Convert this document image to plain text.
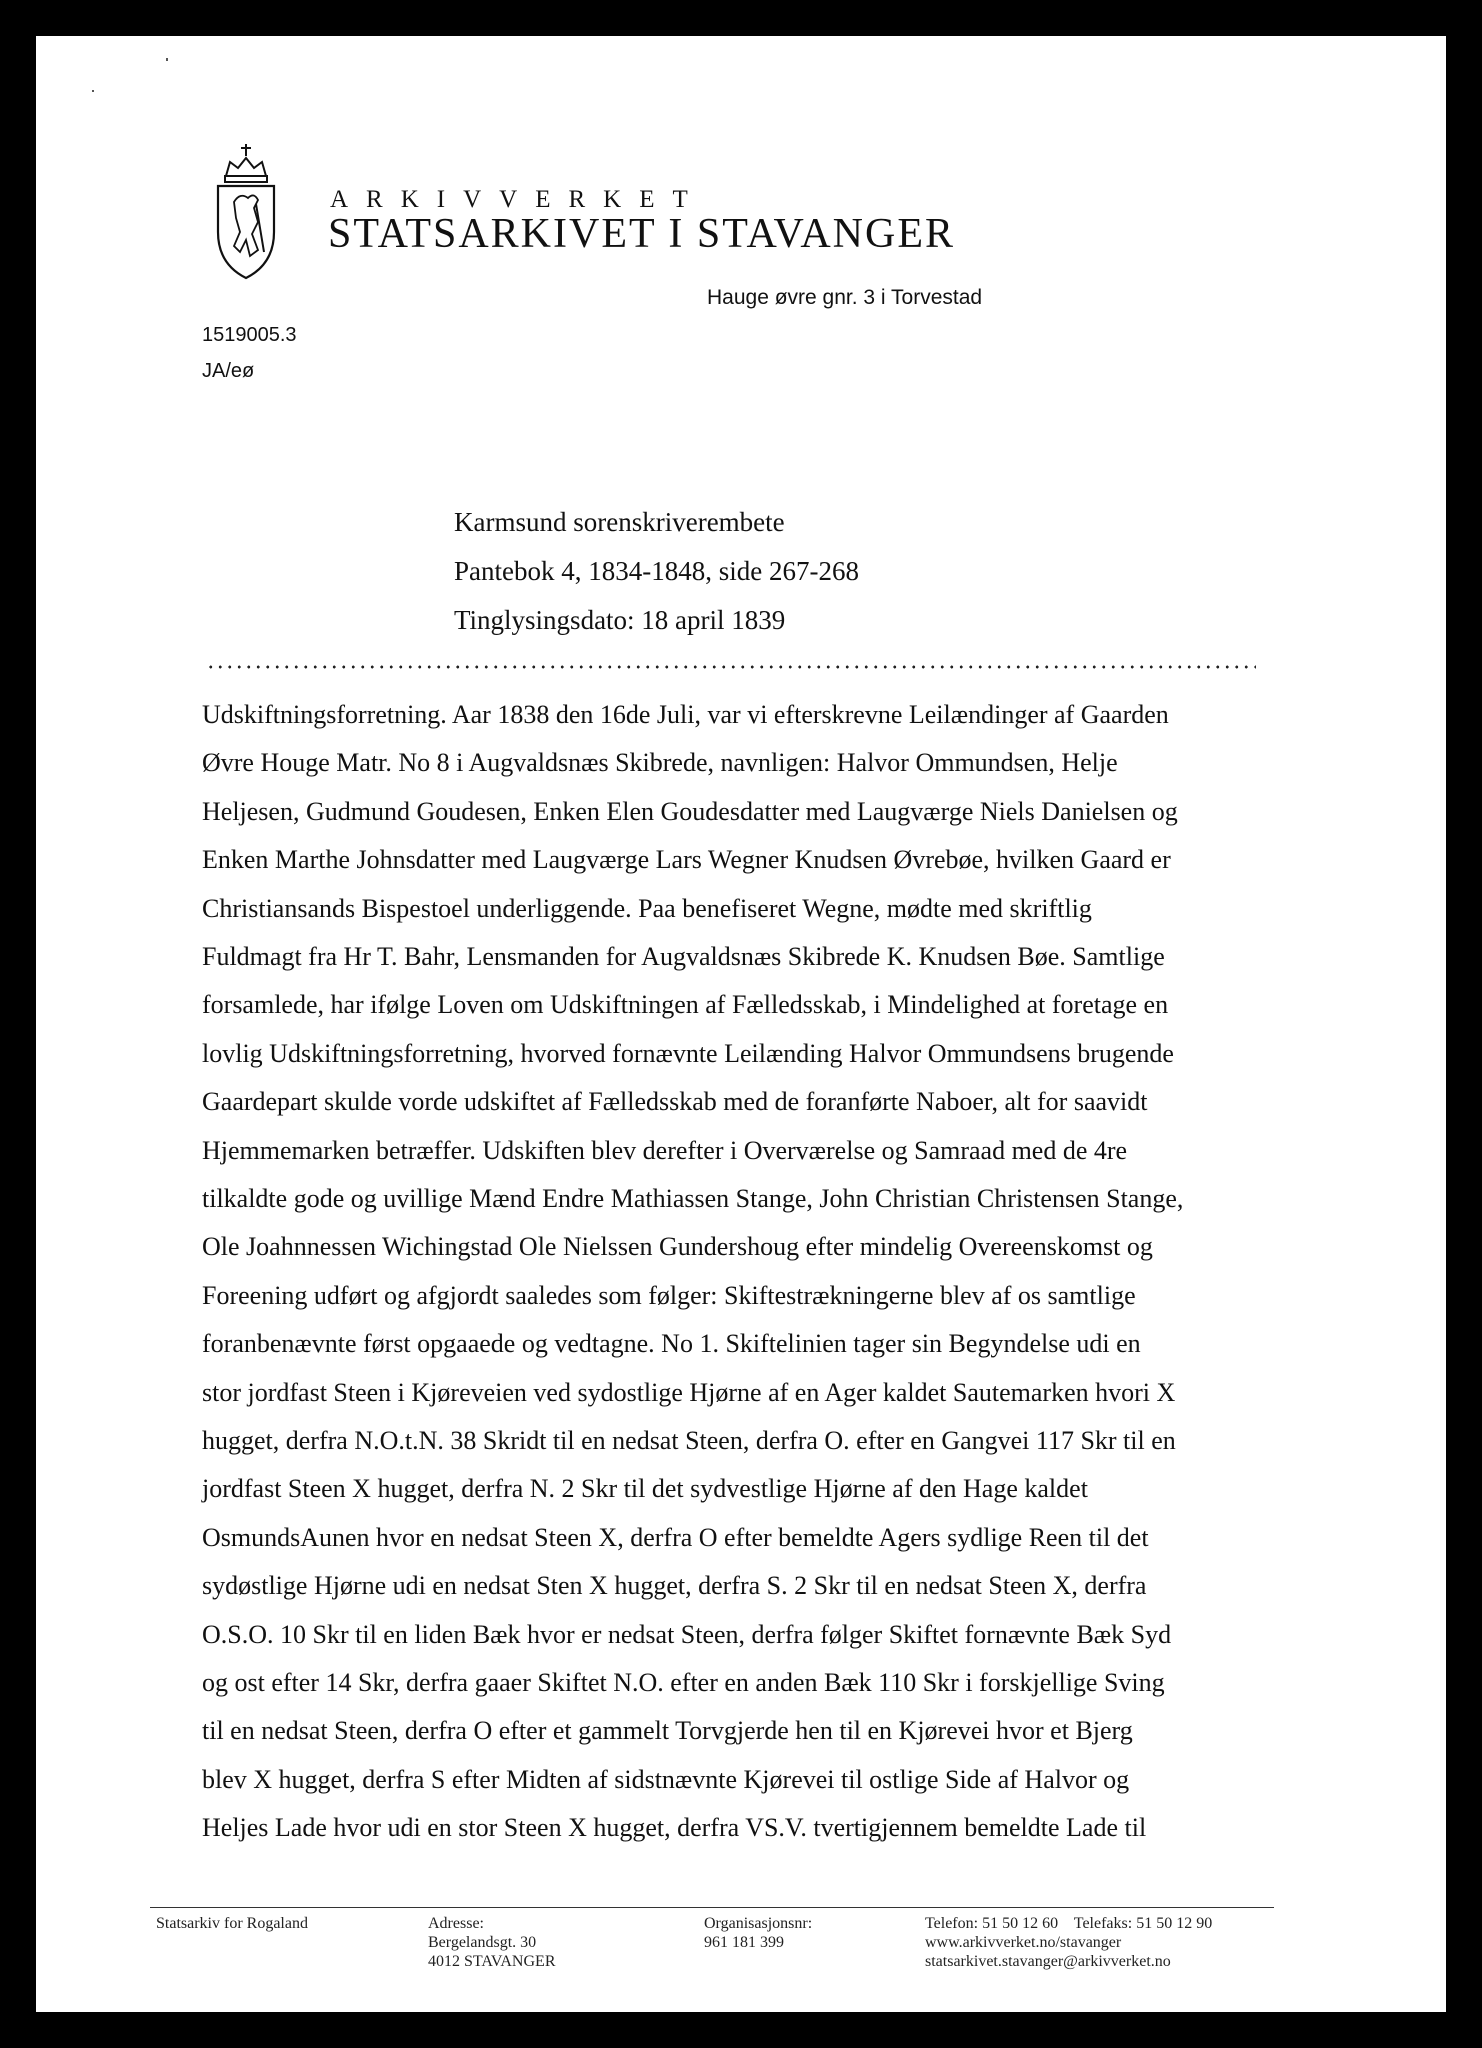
ARKIVVERKET
STATSARKIVET I STAVANGER
Hauge øvre gnr. 3 i Torvestad
1519005.3
JA/eø
Karmsund sorenskriverembete
Pantebok 4, 1834-1848, side 267-268
Tinglysingsdato: 18 april 1839
Udskiftningsforretning. Aar 1838 den 16de Juli, var vi efterskrevne Leilændinger af Gaarden
Øvre Houge Matr. No 8 i Augvaldsnæs Skibrede, navnligen: Halvor Ommundsen, Helje
Heljesen, Gudmund Goudesen, Enken Elen Goudesdatter med Laugværge Niels Danielsen og
Enken Marthe Johnsdatter med Laugværge Lars Wegner Knudsen Øvrebøe, hvilken Gaard er
Christiansands Bispestoel underliggende. Paa benefiseret Wegne, mødte med skriftlig
Fuldmagt fra Hr T. Bahr, Lensmanden for Augvaldsnæs Skibrede K. Knudsen Bøe. Samtlige
forsamlede, har ifølge Loven om Udskiftningen af Fælledsskab, i Mindelighed at foretage en
lovlig Udskiftningsforretning, hvorved fornævnte Leilænding Halvor Ommundsens brugende
Gaardepart skulde vorde udskiftet af Fælledsskab med de foranførte Naboer, alt for saavidt
Hjemmemarken betræffer. Udskiften blev derefter i Overværelse og Samraad med de 4re
tilkaldte gode og uvillige Mænd Endre Mathiassen Stange, John Christian Christensen Stange,
Ole Joahnnessen Wichingstad Ole Nielssen Gundershoug efter mindelig Overeenskomst og
Foreening udført og afgjordt saaledes som følger: Skiftestrækningerne blev af os samtlige
foranbenævnte først opgaaede og vedtagne. No 1. Skiftelinien tager sin Begyndelse udi en
stor jordfast Steen i Kjøreveien ved sydostlige Hjørne af en Ager kaldet Sautemarken hvori X
hugget, derfra N.O.t.N. 38 Skridt til en nedsat Steen, derfra O. efter en Gangvei 117 Skr til en
jordfast Steen X hugget, derfra N. 2 Skr til det sydvestlige Hjørne af den Hage kaldet
OsmundsAunen hvor en nedsat Steen X, derfra O efter bemeldte Agers sydlige Reen til det
sydøstlige Hjørne udi en nedsat Sten X hugget, derfra S. 2 Skr til en nedsat Steen X, derfra
O.S.O. 10 Skr til en liden Bæk hvor er nedsat Steen, derfra følger Skiftet fornævnte Bæk Syd
og ost efter 14 Skr, derfra gaaer Skiftet N.O. efter en anden Bæk 110 Skr i forskjellige Sving
til en nedsat Steen, derfra O efter et gammelt Torvgjerde hen til en Kjørevei hvor et Bjerg
blev X hugget, derfra S efter Midten af sidstnævnte Kjørevei til ostlige Side af Halvor og
Heljes Lade hvor udi en stor Steen X hugget, derfra VS.V. tvertigjennem bemeldte Lade til
Statsarkiv for Rogaland	Adresse:
Bergelandsgt. 30
4012 STAVANGER
Organisasjonsnr:
961 181 399
Telefon: 51 50 12 60 Telefaks: 51 50 12 90
www.arkivverket.no/stavanger
statsarkivet.stavanger@arkivverket.no
